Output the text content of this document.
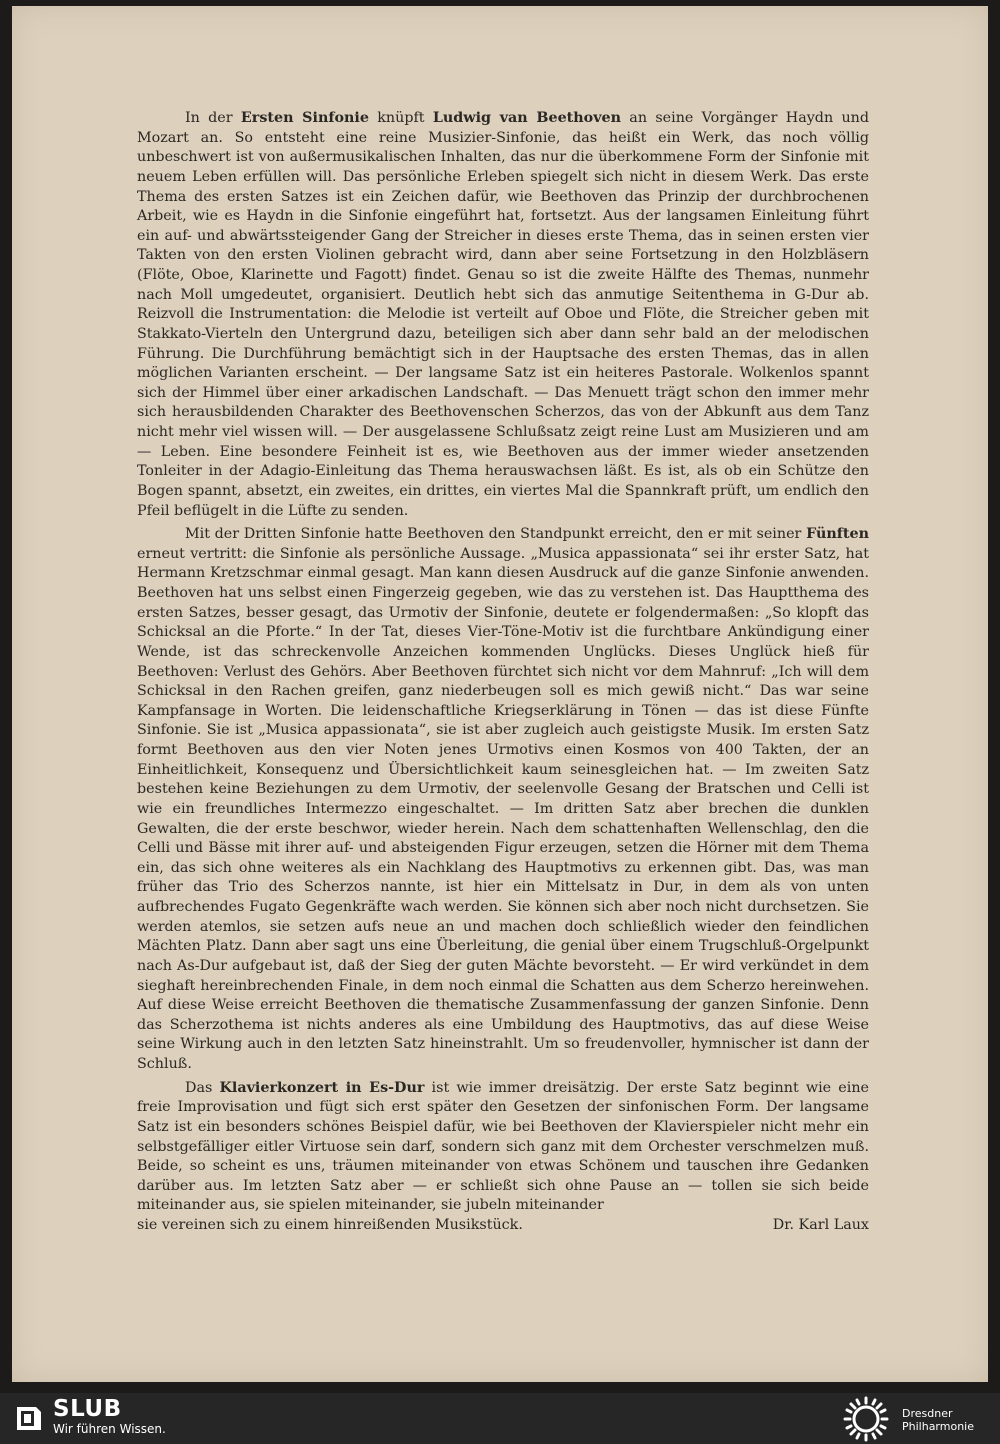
In der Ersten Sinfonie knüpft Ludwig van Beethoven an seine Vorgänger Haydn und Mozart an. So entsteht eine reine Musizier-Sinfonie, das heißt ein Werk, das noch völlig unbeschwert ist von außermusikalischen Inhalten, das nur die überkommene Form der Sinfonie mit neuem Leben erfüllen will. Das persönliche Erleben spiegelt sich nicht in diesem Werk. Das erste Thema des ersten Satzes ist ein Zeichen dafür, wie Beethoven das Prinzip der durchbrochenen Arbeit, wie es Haydn in die Sinfonie eingeführt hat, fortsetzt. Aus der langsamen Einleitung führt ein auf- und abwärtssteigender Gang der Streicher in dieses erste Thema, das in seinen ersten vier Takten von den ersten Violinen gebracht wird, dann aber seine Fortsetzung in den Holzbläsern (Flöte, Oboe, Klarinette und Fagott) findet. Genau so ist die zweite Hälfte des Themas, nunmehr nach Moll umgedeutet, organisiert. Deutlich hebt sich das anmutige Seitenthema in G-Dur ab. Reizvoll die Instrumentation: die Melodie ist verteilt auf Oboe und Flöte, die Streicher geben mit Stakkato-Vierteln den Untergrund dazu, beteiligen sich aber dann sehr bald an der melodischen Führung. Die Durchführung bemächtigt sich in der Hauptsache des ersten Themas, das in allen möglichen Varianten erscheint. — Der langsame Satz ist ein heiteres Pastorale. Wolkenlos spannt sich der Himmel über einer arkadischen Landschaft. — Das Menuett trägt schon den immer mehr sich herausbildenden Charakter des Beethovenschen Scherzos, das von der Abkunft aus dem Tanz nicht mehr viel wissen will. — Der ausgelassene Schlußsatz zeigt reine Lust am Musizieren und am — Leben. Eine besondere Feinheit ist es, wie Beethoven aus der immer wieder ansetzenden Tonleiter in der Adagio-Einleitung das Thema herauswachsen läßt. Es ist, als ob ein Schütze den Bogen spannt, absetzt, ein zweites, ein drittes, ein viertes Mal die Spannkraft prüft, um endlich den Pfeil beflügelt in die Lüfte zu senden.

Mit der Dritten Sinfonie hatte Beethoven den Standpunkt erreicht, den er mit seiner Fünften erneut vertritt: die Sinfonie als persönliche Aussage. „Musica appassionata“ sei ihr erster Satz, hat Hermann Kretzschmar einmal gesagt. Man kann diesen Ausdruck auf die ganze Sinfonie anwenden. Beethoven hat uns selbst einen Fingerzeig gegeben, wie das zu verstehen ist. Das Hauptthema des ersten Satzes, besser gesagt, das Urmotiv der Sinfonie, deutete er folgendermaßen: „So klopft das Schicksal an die Pforte.“ In der Tat, dieses Vier-Töne-Motiv ist die furchtbare Ankündigung einer Wende, ist das schreckenvolle Anzeichen kommenden Unglücks. Dieses Unglück hieß für Beethoven: Verlust des Gehörs. Aber Beethoven fürchtet sich nicht vor dem Mahnruf: „Ich will dem Schicksal in den Rachen greifen, ganz niederbeugen soll es mich gewiß nicht.“ Das war seine Kampfansage in Worten. Die leidenschaftliche Kriegserklärung in Tönen — das ist diese Fünfte Sinfonie. Sie ist „Musica appassionata“, sie ist aber zugleich auch geistigste Musik. Im ersten Satz formt Beethoven aus den vier Noten jenes Urmotivs einen Kosmos von 400 Takten, der an Einheitlichkeit, Konsequenz und Übersichtlichkeit kaum seinesgleichen hat. — Im zweiten Satz bestehen keine Beziehungen zu dem Urmotiv, der seelenvolle Gesang der Bratschen und Celli ist wie ein freundliches Intermezzo eingeschaltet. — Im dritten Satz aber brechen die dunklen Gewalten, die der erste beschwor, wieder herein. Nach dem schattenhaften Wellenschlag, den die Celli und Bässe mit ihrer auf- und absteigenden Figur erzeugen, setzen die Hörner mit dem Thema ein, das sich ohne weiteres als ein Nachklang des Hauptmotivs zu erkennen gibt. Das, was man früher das Trio des Scherzos nannte, ist hier ein Mittelsatz in Dur, in dem als von unten aufbrechendes Fugato Gegenkräfte wach werden. Sie können sich aber noch nicht durchsetzen. Sie werden atemlos, sie setzen aufs neue an und machen doch schließlich wieder den feindlichen Mächten Platz. Dann aber sagt uns eine Überleitung, die genial über einem Trugschluß-Orgelpunkt nach As-Dur aufgebaut ist, daß der Sieg der guten Mächte bevorsteht. — Er wird verkündet in dem sieghaft hereinbrechenden Finale, in dem noch einmal die Schatten aus dem Scherzo hereinwehen. Auf diese Weise erreicht Beethoven die thematische Zusammenfassung der ganzen Sinfonie. Denn das Scherzothema ist nichts anderes als eine Umbildung des Hauptmotivs, das auf diese Weise seine Wirkung auch in den letzten Satz hineinstrahlt. Um so freudenvoller, hymnischer ist dann der Schluß.

Das Klavierkonzert in Es-Dur ist wie immer dreisätzig. Der erste Satz beginnt wie eine freie Improvisation und fügt sich erst später den Gesetzen der sinfonischen Form. Der langsame Satz ist ein besonders schönes Beispiel dafür, wie bei Beethoven der Klavierspieler nicht mehr ein selbstgefälliger eitler Virtuose sein darf, sondern sich ganz mit dem Orchester verschmelzen muß. Beide, so scheint es uns, träumen miteinander von etwas Schönem und tauschen ihre Gedanken darüber aus. Im letzten Satz aber — er schließt sich ohne Pause an — tollen sie sich beide miteinander aus, sie spielen miteinander, sie jubeln miteinander

sie vereinen sich zu einem hinreißenden Musikstück.	Dr. Karl Laux
SLUB
Wir führen Wissen.
Dresdner
Philharmonie
